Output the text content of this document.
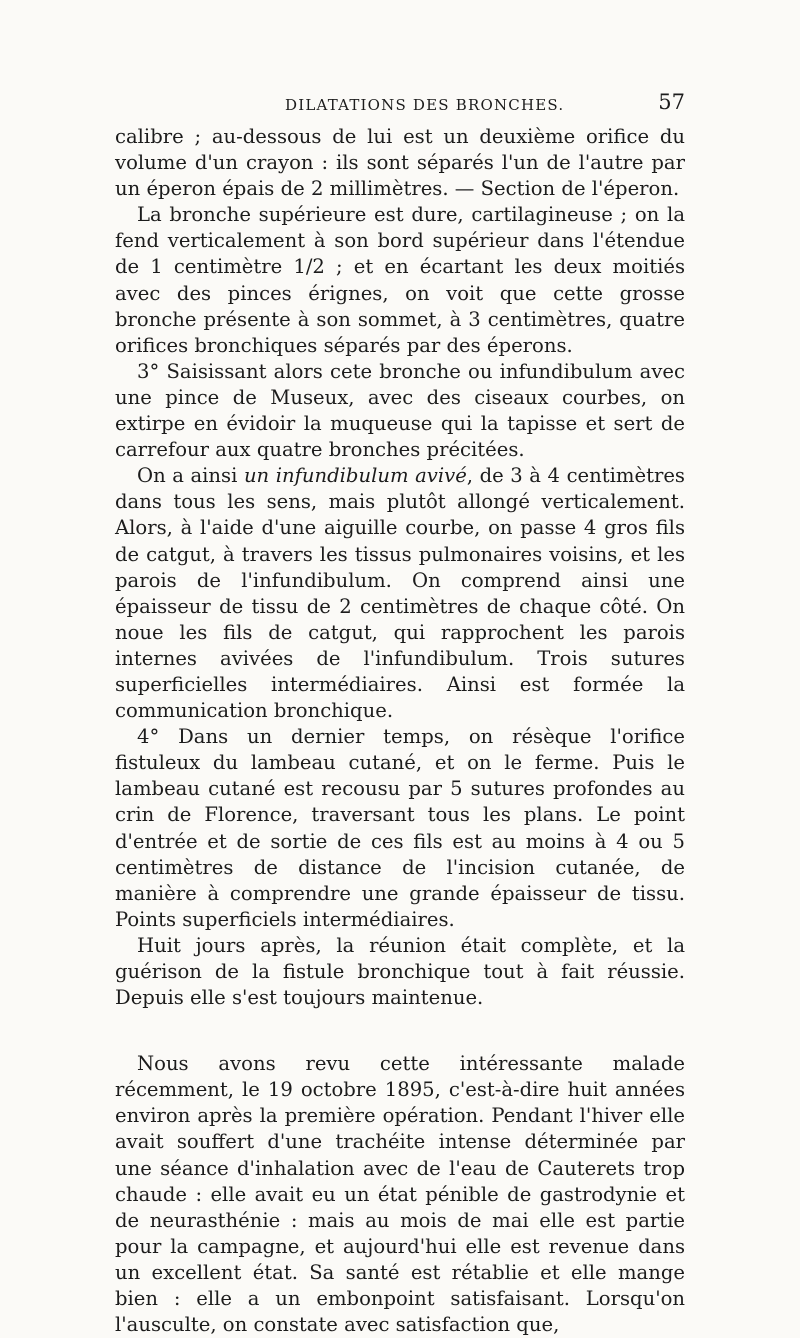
DILATATIONS DES BRONCHES.	57

calibre ; au-dessous de lui est un deuxième orifice du volume d'un crayon : ils sont séparés l'un de l'autre par un éperon épais de 2 millimètres. — Section de l'éperon.

La bronche supérieure est dure, cartilagineuse ; on la fend verticalement à son bord supérieur dans l'étendue de 1 centimètre 1/2 ; et en écartant les deux moitiés avec des pinces érignes, on voit que cette grosse bronche présente à son sommet, à 3 centimètres, quatre orifices bronchiques séparés par des éperons.

3° Saisissant alors cete bronche ou infundibulum avec une pince de Museux, avec des ciseaux courbes, on extirpe en évidoir la muqueuse qui la tapisse et sert de carrefour aux quatre bronches précitées.

On a ainsi un infundibulum avivé, de 3 à 4 centimètres dans tous les sens, mais plutôt allongé verticalement. Alors, à l'aide d'une aiguille courbe, on passe 4 gros fils de catgut, à travers les tissus pulmonaires voisins, et les parois de l'infundibulum. On comprend ainsi une épaisseur de tissu de 2 centimètres de chaque côté. On noue les fils de catgut, qui rapprochent les parois internes avivées de l'infundibulum. Trois sutures superficielles intermédiaires. Ainsi est formée la communication bronchique.

4° Dans un dernier temps, on résèque l'orifice fistuleux du lambeau cutané, et on le ferme. Puis le lambeau cutané est recousu par 5 sutures profondes au crin de Florence, traversant tous les plans. Le point d'entrée et de sortie de ces fils est au moins à 4 ou 5 centimètres de distance de l'incision cutanée, de manière à comprendre une grande épaisseur de tissu. Points superficiels intermédiaires.

Huit jours après, la réunion était complète, et la guérison de la fistule bronchique tout à fait réussie. Depuis elle s'est toujours maintenue.

Nous avons revu cette intéressante malade récemment, le 19 octobre 1895, c'est-à-dire huit années environ après la première opération. Pendant l'hiver elle avait souffert d'une trachéite intense déterminée par une séance d'inhalation avec de l'eau de Cauterets trop chaude : elle avait eu un état pénible de gastrodynie et de neurasthénie : mais au mois de mai elle est partie pour la campagne, et aujourd'hui elle est revenue dans un excellent état. Sa santé est rétablie et elle mange bien : elle a un embonpoint satisfaisant. Lorsqu'on l'ausculte, on constate avec satisfaction que,
